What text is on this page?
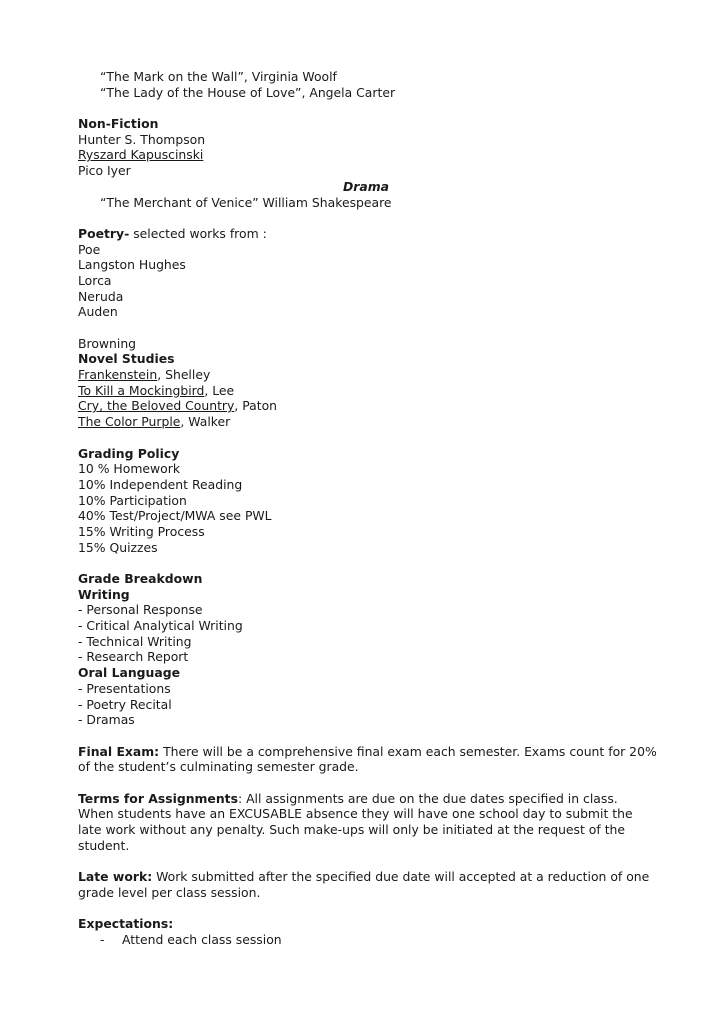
“The Mark on the Wall”, Virginia Woolf
“The Lady of the House of Love”, Angela Carter
Non-Fiction
Hunter S. Thompson
Ryszard Kapuscinski
Pico Iyer
Drama
“The Merchant of Venice” William Shakespeare
Poetry- selected works from :
Poe
Langston Hughes
Lorca
Neruda
Auden
Browning
Novel Studies
Frankenstein, Shelley
To Kill a Mockingbird, Lee
Cry, the Beloved Country, Paton
The Color Purple, Walker
Grading Policy
10 % Homework
10% Independent Reading
10% Participation
40% Test/Project/MWA see PWL
15% Writing Process
15% Quizzes
Grade Breakdown
Writing
- Personal Response
- Critical Analytical Writing
- Technical Writing
- Research Report
Oral Language
- Presentations
- Poetry Recital
- Dramas
Final Exam: There will be a comprehensive final exam each semester. Exams count for 20%
of the student’s culminating semester grade.
Terms for Assignments: All assignments are due on the due dates specified in class.
When students have an EXCUSABLE absence they will have one school day to submit the
late work without any penalty. Such make-ups will only be initiated at the request of the
student.
Late work: Work submitted after the specified due date will accepted at a reduction of one
grade level per class session.
Expectations:
- Attend each class session
